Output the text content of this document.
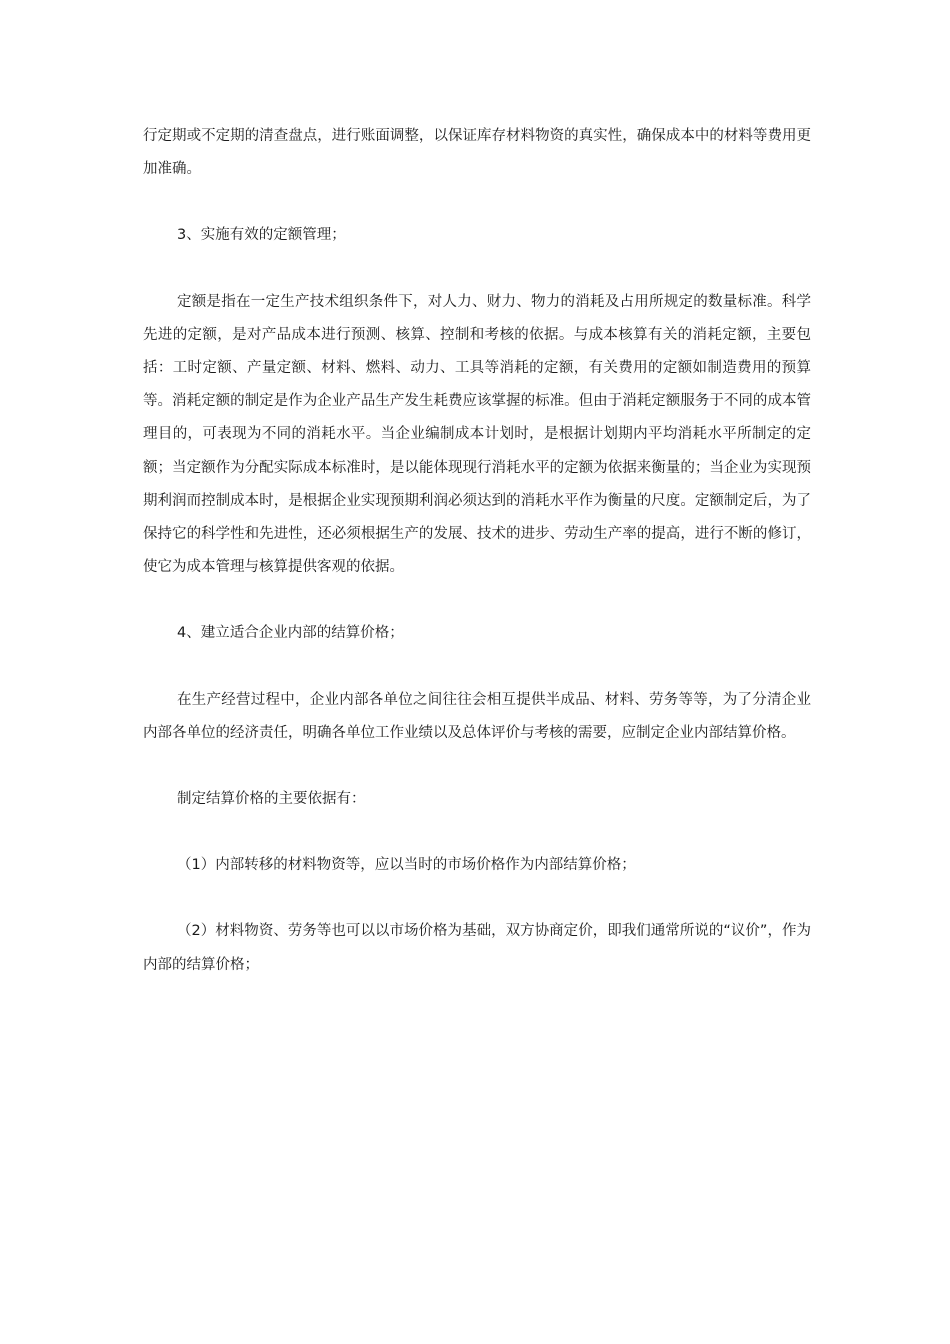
行定期或不定期的清查盘点，进行账面调整，以保证库存材料物资的真实性，确保成本中的材料等费用更加准确。

3、实施有效的定额管理；

定额是指在一定生产技术组织条件下，对人力、财力、物力的消耗及占用所规定的数量标准。科学先进的定额，是对产品成本进行预测、核算、控制和考核的依据。与成本核算有关的消耗定额，主要包括：工时定额、产量定额、材料、燃料、动力、工具等消耗的定额，有关费用的定额如制造费用的预算等。消耗定额的制定是作为企业产品生产发生耗费应该掌握的标准。但由于消耗定额服务于不同的成本管理目的，可表现为不同的消耗水平。当企业编制成本计划时，是根据计划期内平均消耗水平所制定的定额；当定额作为分配实际成本标准时，是以能体现现行消耗水平的定额为依据来衡量的；当企业为实现预期利润而控制成本时，是根据企业实现预期利润必须达到的消耗水平作为衡量的尺度。定额制定后，为了保持它的科学性和先进性，还必须根据生产的发展、技术的进步、劳动生产率的提高，进行不断的修订，使它为成本管理与核算提供客观的依据。

4、建立适合企业内部的结算价格；

在生产经营过程中，企业内部各单位之间往往会相互提供半成品、材料、劳务等等，为了分清企业内部各单位的经济责任，明确各单位工作业绩以及总体评价与考核的需要，应制定企业内部结算价格。

制定结算价格的主要依据有：

（1）内部转移的材料物资等，应以当时的市场价格作为内部结算价格；

（2）材料物资、劳务等也可以以市场价格为基础，双方协商定价，即我们通常所说的“议价”，作为内部的结算价格；
